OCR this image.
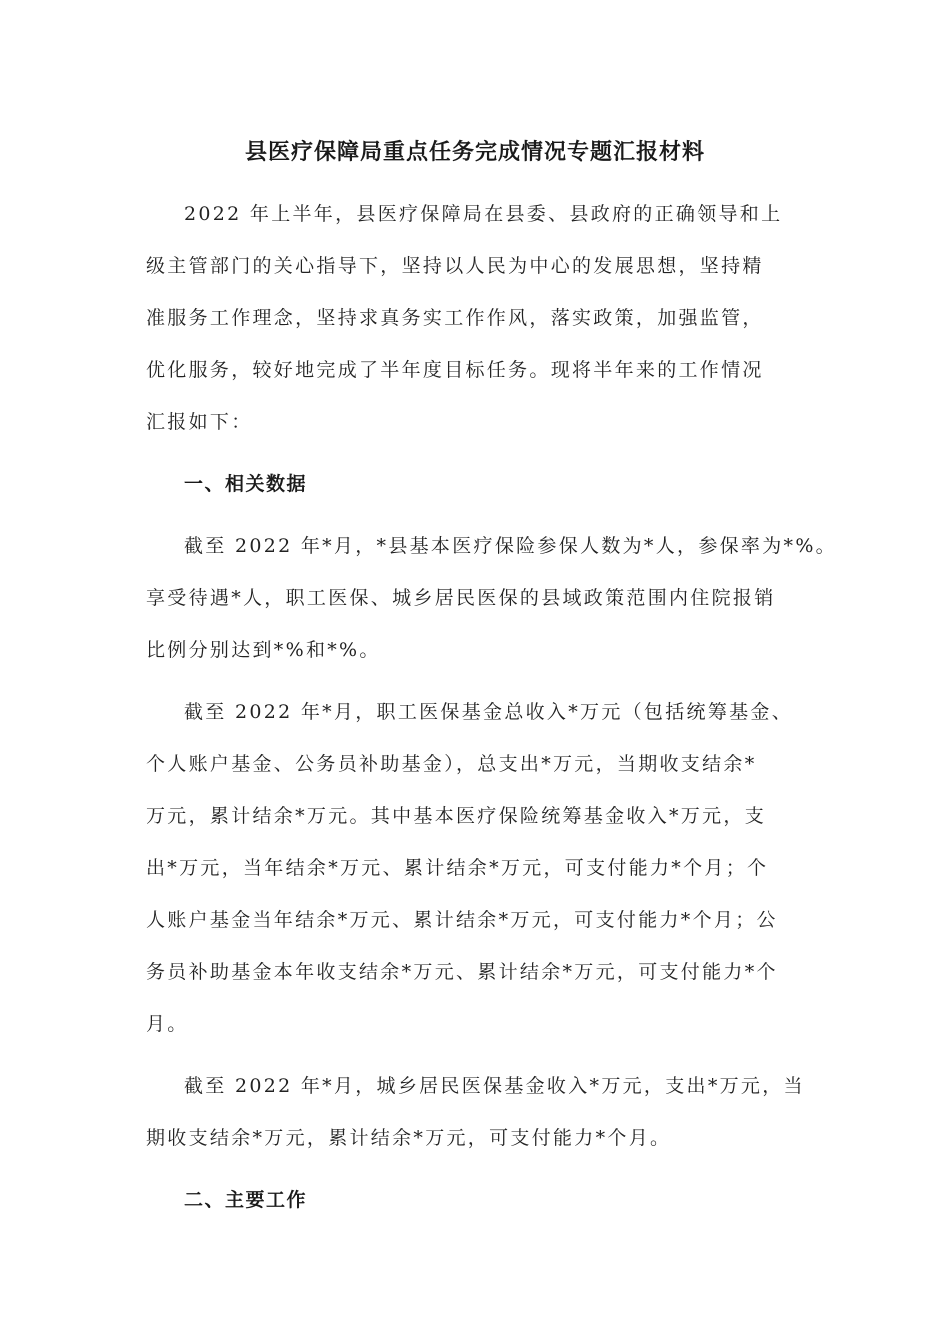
县医疗保障局重点任务完成情况专题汇报材料
2022 年上半年，县医疗保障局在县委、县政府的正确领导和上
级主管部门的关心指导下，坚持以人民为中心的发展思想，坚持精
准服务工作理念，坚持求真务实工作作风，落实政策，加强监管，
优化服务，较好地完成了半年度目标任务。现将半年来的工作情况
汇报如下：
一、相关数据
截至 2022 年*月，*县基本医疗保险参保人数为*人，参保率为*%。
享受待遇*人，职工医保、城乡居民医保的县域政策范围内住院报销
比例分别达到*%和*%。
截至 2022 年*月，职工医保基金总收入*万元（包括统筹基金、
个人账户基金、公务员补助基金），总支出*万元，当期收支结余*
万元，累计结余*万元。其中基本医疗保险统筹基金收入*万元，支
出*万元，当年结余*万元、累计结余*万元，可支付能力*个月；个
人账户基金当年结余*万元、累计结余*万元，可支付能力*个月；公
务员补助基金本年收支结余*万元、累计结余*万元，可支付能力*个
月。
截至 2022 年*月，城乡居民医保基金收入*万元，支出*万元，当
期收支结余*万元，累计结余*万元，可支付能力*个月。
二、主要工作
